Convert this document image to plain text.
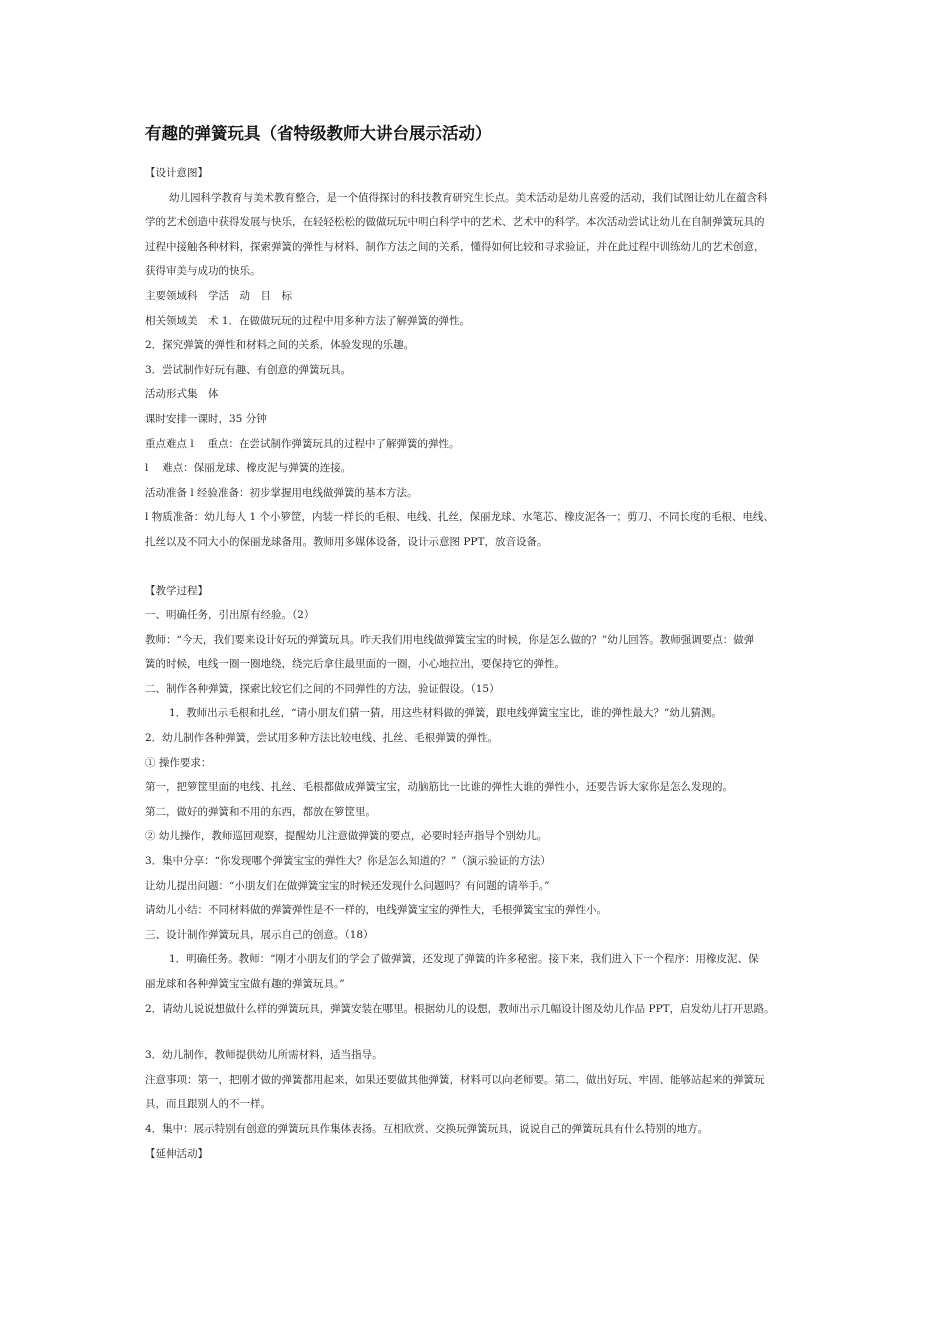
有趣的弹簧玩具（省特级教师大讲台展示活动）
【设计意图】
幼儿园科学教育与美术教育整合，是一个值得探讨的科技教育研究生长点。美术活动是幼儿喜爱的活动，我们试图让幼儿在蕴含科
学的艺术创造中获得发展与快乐，在轻轻松松的做做玩玩中明白科学中的艺术、艺术中的科学。本次活动尝试让幼儿在自制弹簧玩具的
过程中接触各种材料，探索弹簧的弹性与材料、制作方法之间的关系，懂得如何比较和寻求验证，并在此过程中训练幼儿的艺术创意，
获得审美与成功的快乐。
主要领域科　学活　动　目　标
相关领域美　术 1．在做做玩玩的过程中用多种方法了解弹簧的弹性。
2．探究弹簧的弹性和材料之间的关系，体验发现的乐趣。
3．尝试制作好玩有趣、有创意的弹簧玩具。
活动形式集　体
课时安排一课时，35 分钟
重点难点 l　 重点：在尝试制作弹簧玩具的过程中了解弹簧的弹性。
l　 难点：保丽龙球、橡皮泥与弹簧的连接。
活动准备 l 经验准备：初步掌握用电线做弹簧的基本方法。
l 物质准备：幼儿每人 1 个小箩筐，内装一样长的毛根、电线、扎丝，保丽龙球、水笔芯、橡皮泥各一；剪刀、不同长度的毛根、电线、
扎丝以及不同大小的保丽龙球备用。教师用多媒体设备，设计示意图 PPT，放音设备。
【教学过程】
一、明确任务，引出原有经验。（2）
教师：“今天，我们要来设计好玩的弹簧玩具。昨天我们用电线做弹簧宝宝的时候，你是怎么做的？”幼儿回答。教师强调要点：做弹
簧的时候，电线一圈一圈地绕，绕完后拿住最里面的一圈，小心地拉出，要保持它的弹性。
二、制作各种弹簧，探索比较它们之间的不同弹性的方法，验证假设。（15）
1．教师出示毛根和扎丝，“请小朋友们猜一猜，用这些材料做的弹簧，跟电线弹簧宝宝比，谁的弹性最大？”幼儿猜测。
2．幼儿制作各种弹簧，尝试用多种方法比较电线、扎丝、毛根弹簧的弹性。
① 操作要求：
第一，把箩筐里面的电线、扎丝、毛根都做成弹簧宝宝，动脑筋比一比谁的弹性大谁的弹性小，还要告诉大家你是怎么发现的。
第二，做好的弹簧和不用的东西，都放在箩筐里。
② 幼儿操作，教师巡回观察，提醒幼儿注意做弹簧的要点，必要时轻声指导个别幼儿。
3．集中分享：“你发现哪个弹簧宝宝的弹性大？你是怎么知道的？”（演示验证的方法）
让幼儿提出问题：“小朋友们在做弹簧宝宝的时候还发现什么问题吗？有问题的请举手。”
请幼儿小结：不同材料做的弹簧弹性是不一样的，电线弹簧宝宝的弹性大，毛根弹簧宝宝的弹性小。
三、设计制作弹簧玩具，展示自己的创意。（18）
1．明确任务。教师：“刚才小朋友们的学会了做弹簧，还发现了弹簧的许多秘密。接下来，我们进入下一个程序：用橡皮泥、保
丽龙球和各种弹簧宝宝做有趣的弹簧玩具。”
2．请幼儿说说想做什么样的弹簧玩具，弹簧安装在哪里。根据幼儿的设想，教师出示几幅设计图及幼儿作品 PPT，启发幼儿打开思路。
3．幼儿制作，教师提供幼儿所需材料，适当指导。
注意事项：第一，把刚才做的弹簧都用起来，如果还要做其他弹簧，材料可以向老师要。第二，做出好玩、牢固、能够站起来的弹簧玩
具，而且跟别人的不一样。
4．集中：展示特别有创意的弹簧玩具作集体表扬。互相欣赏、交换玩弹簧玩具，说说自己的弹簧玩具有什么特别的地方。
【延伸活动】
